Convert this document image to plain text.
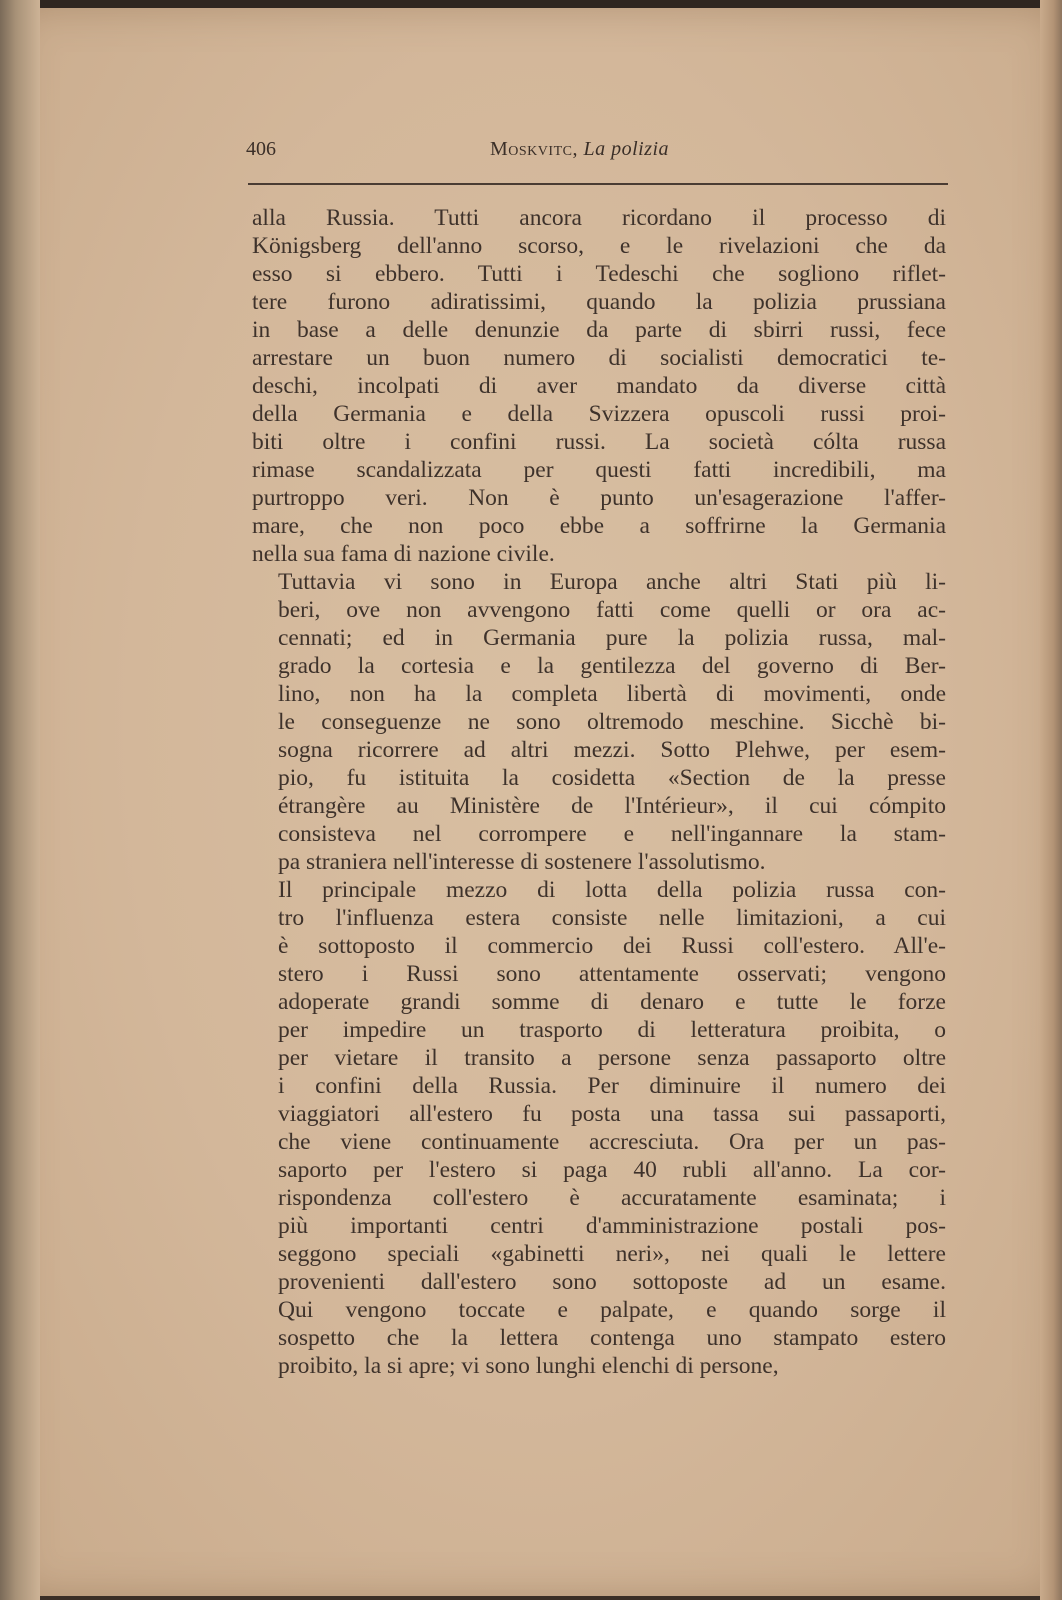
406	Moskvitc, La polizia

alla Russia. Tutti ancora ricordano il processo di
Königsberg dell'anno scorso, e le rivelazioni che da
esso si ebbero. Tutti i Tedeschi che sogliono riflet-
tere furono adiratissimi, quando la polizia prussiana
in base a delle denunzie da parte di sbirri russi, fece
arrestare un buon numero di socialisti democratici te-
deschi, incolpati di aver mandato da diverse città
della Germania e della Svizzera opuscoli russi proi-
biti oltre i confini russi. La società cólta russa
rimase scandalizzata per questi fatti incredibili, ma
purtroppo veri. Non è punto un'esagerazione l'affer-
mare, che non poco ebbe a soffrirne la Germania
nella sua fama di nazione civile.

Tuttavia vi sono in Europa anche altri Stati più li-
beri, ove non avvengono fatti come quelli or ora ac-
cennati; ed in Germania pure la polizia russa, mal-
grado la cortesia e la gentilezza del governo di Ber-
lino, non ha la completa libertà di movimenti, onde
le conseguenze ne sono oltremodo meschine. Sicchè bi-
sogna ricorrere ad altri mezzi. Sotto Plehwe, per esem-
pio, fu istituita la cosidetta «Section de la presse
étrangère au Ministère de l'Intérieur», il cui cómpito
consisteva nel corrompere e nell'ingannare la stam-
pa straniera nell'interesse di sostenere l'assolutismo.

Il principale mezzo di lotta della polizia russa con-
tro l'influenza estera consiste nelle limitazioni, a cui
è sottoposto il commercio dei Russi coll'estero. All'e-
stero i Russi sono attentamente osservati; vengono
adoperate grandi somme di denaro e tutte le forze
per impedire un trasporto di letteratura proibita, o
per vietare il transito a persone senza passaporto oltre
i confini della Russia. Per diminuire il numero dei
viaggiatori all'estero fu posta una tassa sui passaporti,
che viene continuamente accresciuta. Ora per un pas-
saporto per l'estero si paga 40 rubli all'anno. La cor-
rispondenza coll'estero è accuratamente esaminata; i
più importanti centri d'amministrazione postali pos-
seggono speciali «gabinetti neri», nei quali le lettere
provenienti dall'estero sono sottoposte ad un esame.
Qui vengono toccate e palpate, e quando sorge il
sospetto che la lettera contenga uno stampato estero
proibito, la si apre; vi sono lunghi elenchi di persone,
